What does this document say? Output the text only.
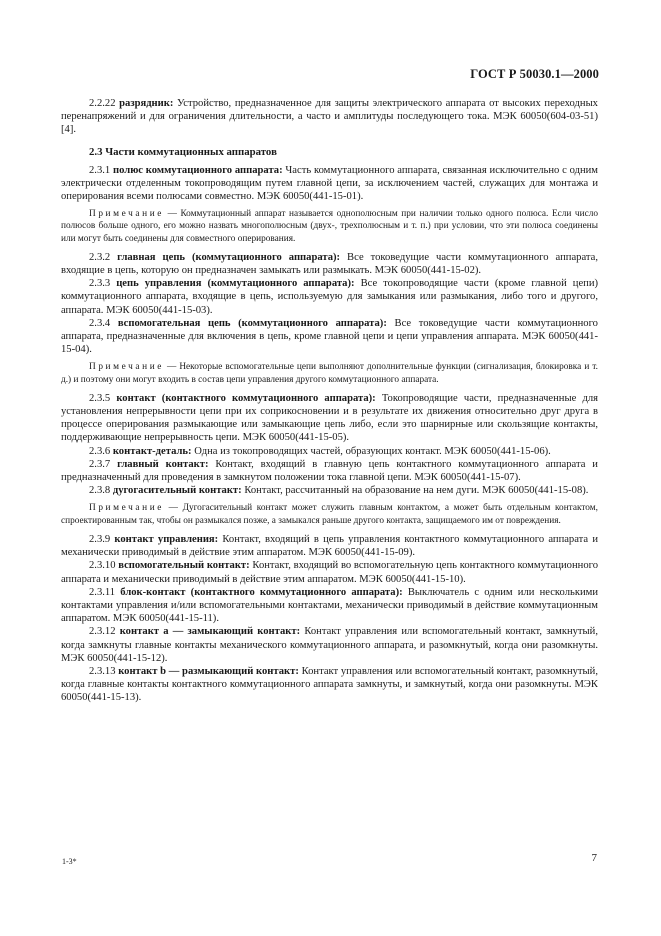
ГОСТ Р 50030.1—2000

2.2.22 разрядник: Устройство, предназначенное для защиты электрического аппарата от высоких переходных перенапряжений и для ограничения длительности, а часто и амплитуды последующего тока. МЭК 60050(604-03-51) [4].

2.3 Части коммутационных аппаратов

2.3.1 полюс коммутационного аппарата: Часть коммутационного аппарата, связанная исключительно с одним электрически отделенным токопроводящим путем главной цепи, за исключением частей, служащих для монтажа и оперирования всеми полюсами совместно. МЭК 60050(441-15-01).

Примечание — Коммутационный аппарат называется однополюсным при наличии только одного полюса. Если число полюсов больше одного, его можно назвать многополюсным (двух-, трехполюсным и т. п.) при условии, что эти полюса соединены или могут быть соединены для совместного оперирования.

2.3.2 главная цепь (коммутационного аппарата): Все токоведущие части коммутационного аппарата, входящие в цепь, которую он предназначен замыкать или размыкать. МЭК 60050(441-15-02).

2.3.3 цепь управления (коммутационного аппарата): Все токопроводящие части (кроме главной цепи) коммутационного аппарата, входящие в цепь, используемую для замыкания или размыкания, либо того и другого, аппарата. МЭК 60050(441-15-03).

2.3.4 вспомогательная цепь (коммутационного аппарата): Все токоведущие части коммутационного аппарата, предназначенные для включения в цепь, кроме главной цепи и цепи управления аппарата. МЭК 60050(441-15-04).

Примечание — Некоторые вспомогательные цепи выполняют дополнительные функции (сигнализация, блокировка и т. д.) и поэтому они могут входить в состав цепи управления другого коммутационного аппарата.

2.3.5 контакт (контактного коммутационного аппарата): Токопроводящие части, предназначенные для установления непрерывности цепи при их соприкосновении и в результате их движения относительно друг друга в процессе оперирования размыкающие или замыкающие цепь либо, если это шарнирные или скользящие контакты, поддерживающие непрерывность цепи. МЭК 60050(441-15-05).

2.3.6 контакт-деталь: Одна из токопроводящих частей, образующих контакт. МЭК 60050(441-15-06).

2.3.7 главный контакт: Контакт, входящий в главную цепь контактного коммутационного аппарата и предназначенный для проведения в замкнутом положении тока главной цепи. МЭК 60050(441-15-07).

2.3.8 дугогасительный контакт: Контакт, рассчитанный на образование на нем дуги. МЭК 60050(441-15-08).

Примечание — Дугогасительный контакт может служить главным контактом, а может быть отдельным контактом, спроектированным так, чтобы он размыкался позже, а замыкался раньше другого контакта, защищаемого им от повреждения.

2.3.9 контакт управления: Контакт, входящий в цепь управления контактного коммутационного аппарата и механически приводимый в действие этим аппаратом. МЭК 60050(441-15-09).

2.3.10 вспомогательный контакт: Контакт, входящий во вспомогательную цепь контактного коммутационного аппарата и механически приводимый в действие этим аппаратом. МЭК 60050(441-15-10).

2.3.11 блок-контакт (контактного коммутационного аппарата): Выключатель с одним или несколькими контактами управления и/или вспомогательными контактами, механически приводимый в действие коммутационным аппаратом. МЭК 60050(441-15-11).

2.3.12 контакт a — замыкающий контакт: Контакт управления или вспомогательный контакт, замкнутый, когда замкнуты главные контакты механического коммутационного аппарата, и разомкнутый, когда они разомкнуты. МЭК 60050(441-15-12).

2.3.13 контакт b — размыкающий контакт: Контакт управления или вспомогательный контакт, разомкнутый, когда главные контакты контактного коммутационного аппарата замкнуты, и замкнутый, когда они разомкнуты. МЭК 60050(441-15-13).

1-3*	7
